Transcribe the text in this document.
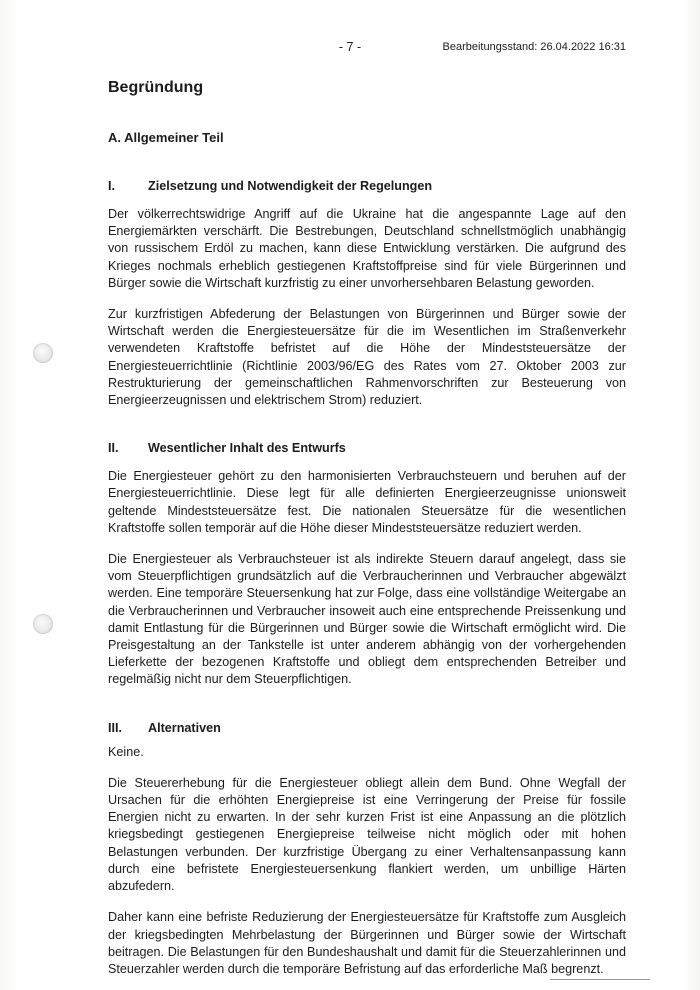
- 7 -	Bearbeitungsstand: 26.04.2022 16:31
Begründung
A. Allgemeiner Teil
I.	Zielsetzung und Notwendigkeit der Regelungen

Der völkerrechtswidrige Angriff auf die Ukraine hat die angespannte Lage auf den Energiemärkten verschärft. Die Bestrebungen, Deutschland schnellstmöglich unabhängig von russischem Erdöl zu machen, kann diese Entwicklung verstärken. Die aufgrund des Krieges nochmals erheblich gestiegenen Kraftstoffpreise sind für viele Bürgerinnen und Bürger sowie die Wirtschaft kurzfristig zu einer unvorhersehbaren Belastung geworden.

Zur kurzfristigen Abfederung der Belastungen von Bürgerinnen und Bürger sowie der Wirtschaft werden die Energiesteuersätze für die im Wesentlichen im Straßenverkehr verwendeten Kraftstoffe befristet auf die Höhe der Mindeststeuersätze der Energiesteuerrichtlinie (Richtlinie 2003/96/EG des Rates vom 27. Oktober 2003 zur Restrukturierung der gemeinschaftlichen Rahmenvorschriften zur Besteuerung von Energieerzeugnissen und elektrischem Strom) reduziert.

II.	Wesentlicher Inhalt des Entwurfs

Die Energiesteuer gehört zu den harmonisierten Verbrauchsteuern und beruhen auf der Energiesteuerrichtlinie. Diese legt für alle definierten Energieerzeugnisse unionsweit geltende Mindeststeuersätze fest. Die nationalen Steuersätze für die wesentlichen Kraftstoffe sollen temporär auf die Höhe dieser Mindeststeuersätze reduziert werden.

Die Energiesteuer als Verbrauchsteuer ist als indirekte Steuern darauf angelegt, dass sie vom Steuerpflichtigen grundsätzlich auf die Verbraucherinnen und Verbraucher abgewälzt werden. Eine temporäre Steuersenkung hat zur Folge, dass eine vollständige Weitergabe an die Verbraucherinnen und Verbraucher insoweit auch eine entsprechende Preissenkung und damit Entlastung für die Bürgerinnen und Bürger sowie die Wirtschaft ermöglicht wird. Die Preisgestaltung an der Tankstelle ist unter anderem abhängig von der vorhergehenden Lieferkette der bezogenen Kraftstoffe und obliegt dem entsprechenden Betreiber und regelmäßig nicht nur dem Steuerpflichtigen.

III.	Alternativen

Keine.

Die Steuererhebung für die Energiesteuer obliegt allein dem Bund. Ohne Wegfall der Ursachen für die erhöhten Energiepreise ist eine Verringerung der Preise für fossile Energien nicht zu erwarten. In der sehr kurzen Frist ist eine Anpassung an die plötzlich kriegsbedingt gestiegenen Energiepreise teilweise nicht möglich oder mit hohen Belastungen verbunden. Der kurzfristige Übergang zu einer Verhaltensanpassung kann durch eine befristete Energiesteuersenkung flankiert werden, um unbillige Härten abzufedern.

Daher kann eine befriste Reduzierung der Energiesteuersätze für Kraftstoffe zum Ausgleich der kriegsbedingten Mehrbelastung der Bürgerinnen und Bürger sowie der Wirtschaft beitragen. Die Belastungen für den Bundeshaushalt und damit für die Steuerzahlerinnen und Steuerzahler werden durch die temporäre Befristung auf das erforderliche Maß begrenzt.
